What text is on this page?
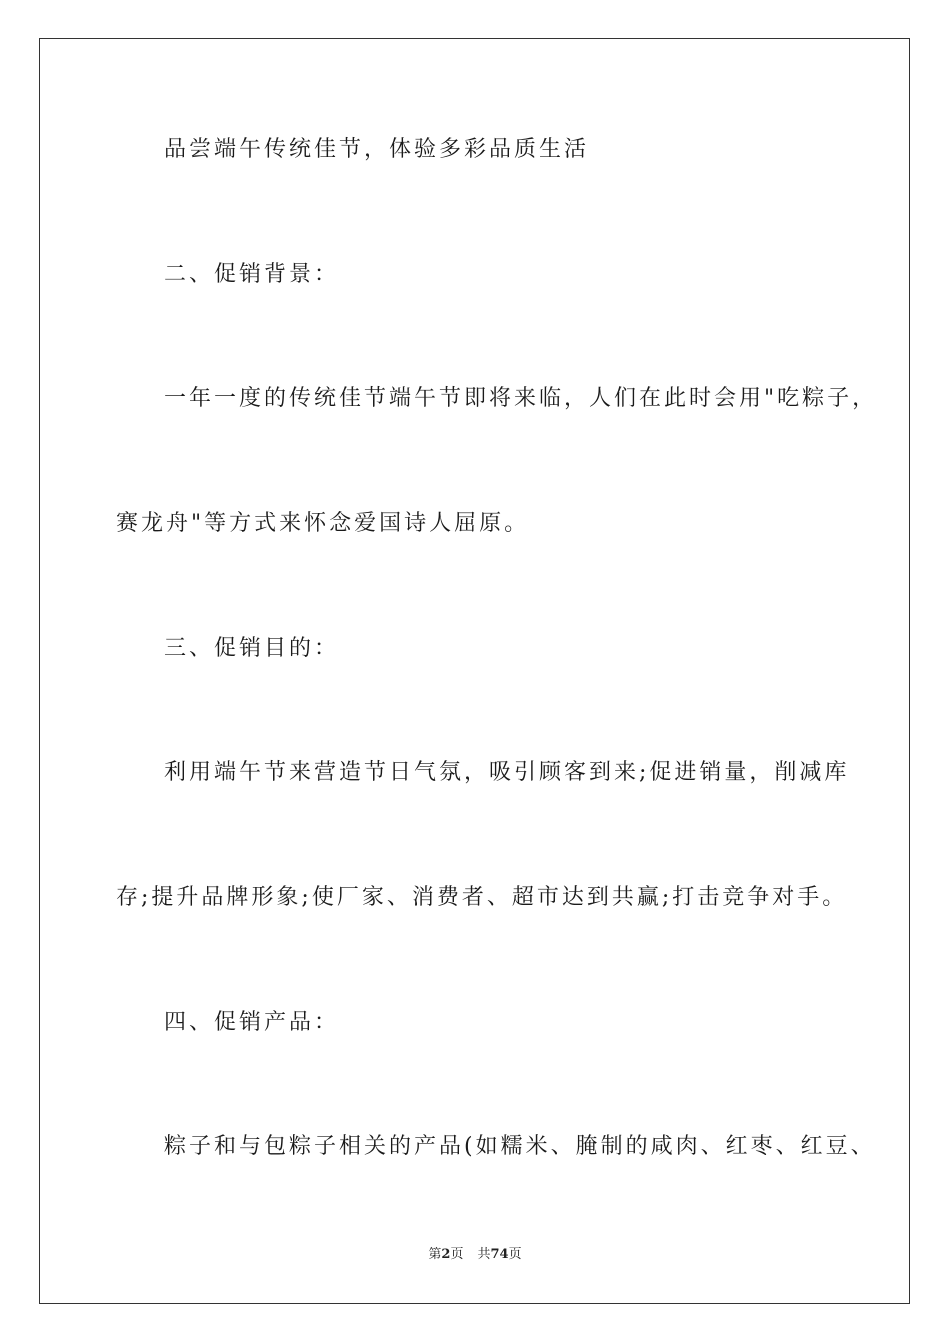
品尝端午传统佳节，体验多彩品质生活
二、促销背景：
一年一度的传统佳节端午节即将来临，人们在此时会用"吃粽子，
赛龙舟"等方式来怀念爱国诗人屈原。
三、促销目的：
利用端午节来营造节日气氛，吸引顾客到来;促进销量，削减库
存;提升品牌形象;使厂家、消费者、超市达到共赢;打击竞争对手。
四、促销产品：
粽子和与包粽子相关的产品(如糯米、腌制的咸肉、红枣、红豆、
第2页 共74页
